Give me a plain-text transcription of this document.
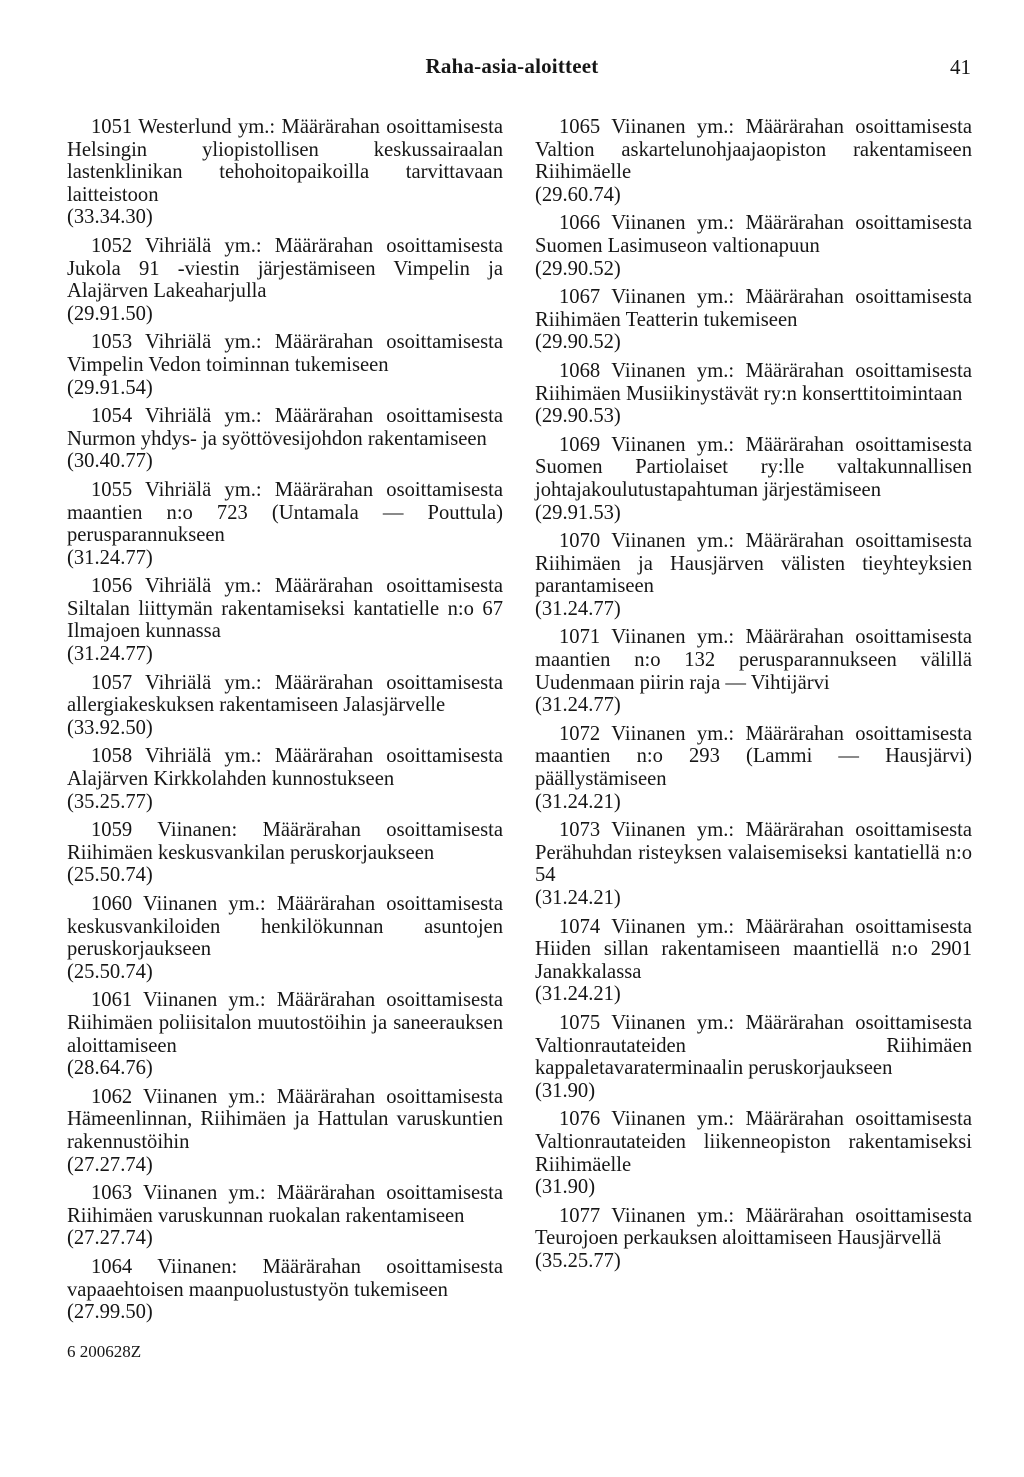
Raha-asia-aloitteet	41

1051 Westerlund ym.: Määrärahan osoittamisesta Helsingin yliopistollisen keskussairaalan lastenklinikan tehohoitopaikoilla tarvittavaan laitteistoon

(33.34.30)

1052 Vihriälä ym.: Määrärahan osoittamisesta Jukola 91 -viestin järjestämiseen Vimpelin ja Alajärven Lakeaharjulla

(29.91.50)

1053 Vihriälä ym.: Määrärahan osoittamisesta Vimpelin Vedon toiminnan tukemiseen

(29.91.54)

1054 Vihriälä ym.: Määrärahan osoittamisesta Nurmon yhdys- ja syöttövesijohdon rakentamiseen

(30.40.77)

1055 Vihriälä ym.: Määrärahan osoittamisesta maantien n:o 723 (Untamala — Pouttula) perusparannukseen

(31.24.77)

1056 Vihriälä ym.: Määrärahan osoittamisesta Siltalan liittymän rakentamiseksi kantatielle n:o 67 Ilmajoen kunnassa

(31.24.77)

1057 Vihriälä ym.: Määrärahan osoittamisesta allergiakeskuksen rakentamiseen Jalasjärvelle

(33.92.50)

1058 Vihriälä ym.: Määrärahan osoittamisesta Alajärven Kirkkolahden kunnostukseen

(35.25.77)

1059 Viinanen: Määrärahan osoittamisesta Riihimäen keskusvankilan peruskorjaukseen

(25.50.74)

1060 Viinanen ym.: Määrärahan osoittamisesta keskusvankiloiden henkilökunnan asuntojen peruskorjaukseen

(25.50.74)

1061 Viinanen ym.: Määrärahan osoittamisesta Riihimäen poliisitalon muutostöihin ja saneerauksen aloittamiseen

(28.64.76)

1062 Viinanen ym.: Määrärahan osoittamisesta Hämeenlinnan, Riihimäen ja Hattulan varuskuntien rakennustöihin

(27.27.74)

1063 Viinanen ym.: Määrärahan osoittamisesta Riihimäen varuskunnan ruokalan rakentamiseen

(27.27.74)

1064 Viinanen: Määrärahan osoittamisesta vapaaehtoisen maanpuolustustyön tukemiseen

(27.99.50)

1065 Viinanen ym.: Määrärahan osoittamisesta Valtion askartelunohjaajaopiston rakentamiseen Riihimäelle

(29.60.74)

1066 Viinanen ym.: Määrärahan osoittamisesta Suomen Lasimuseon valtionapuun

(29.90.52)

1067 Viinanen ym.: Määrärahan osoittamisesta Riihimäen Teatterin tukemiseen

(29.90.52)

1068 Viinanen ym.: Määrärahan osoittamisesta Riihimäen Musiikinystävät ry:n konserttitoimintaan

(29.90.53)

1069 Viinanen ym.: Määrärahan osoittamisesta Suomen Partiolaiset ry:lle valtakunnallisen johtajakoulutustapahtuman järjestämiseen

(29.91.53)

1070 Viinanen ym.: Määrärahan osoittamisesta Riihimäen ja Hausjärven välisten tieyhteyksien parantamiseen

(31.24.77)

1071 Viinanen ym.: Määrärahan osoittamisesta maantien n:o 132 perusparannukseen välillä Uudenmaan piirin raja — Vihtijärvi

(31.24.77)

1072 Viinanen ym.: Määrärahan osoittamisesta maantien n:o 293 (Lammi — Hausjärvi) päällystämiseen

(31.24.21)

1073 Viinanen ym.: Määrärahan osoittamisesta Perähuhdan risteyksen valaisemiseksi kantatiellä n:o 54

(31.24.21)

1074 Viinanen ym.: Määrärahan osoittamisesta Hiiden sillan rakentamiseen maantiellä n:o 2901 Janakkalassa

(31.24.21)

1075 Viinanen ym.: Määrärahan osoittamisesta Valtionrautateiden Riihimäen kappaletavaraterminaalin peruskorjaukseen

(31.90)

1076 Viinanen ym.: Määrärahan osoittamisesta Valtionrautateiden liikenneopiston rakentamiseksi Riihimäelle

(31.90)

1077 Viinanen ym.: Määrärahan osoittamisesta Teurojoen perkauksen aloittamiseen Hausjärvellä

(35.25.77)

6 200628Z
